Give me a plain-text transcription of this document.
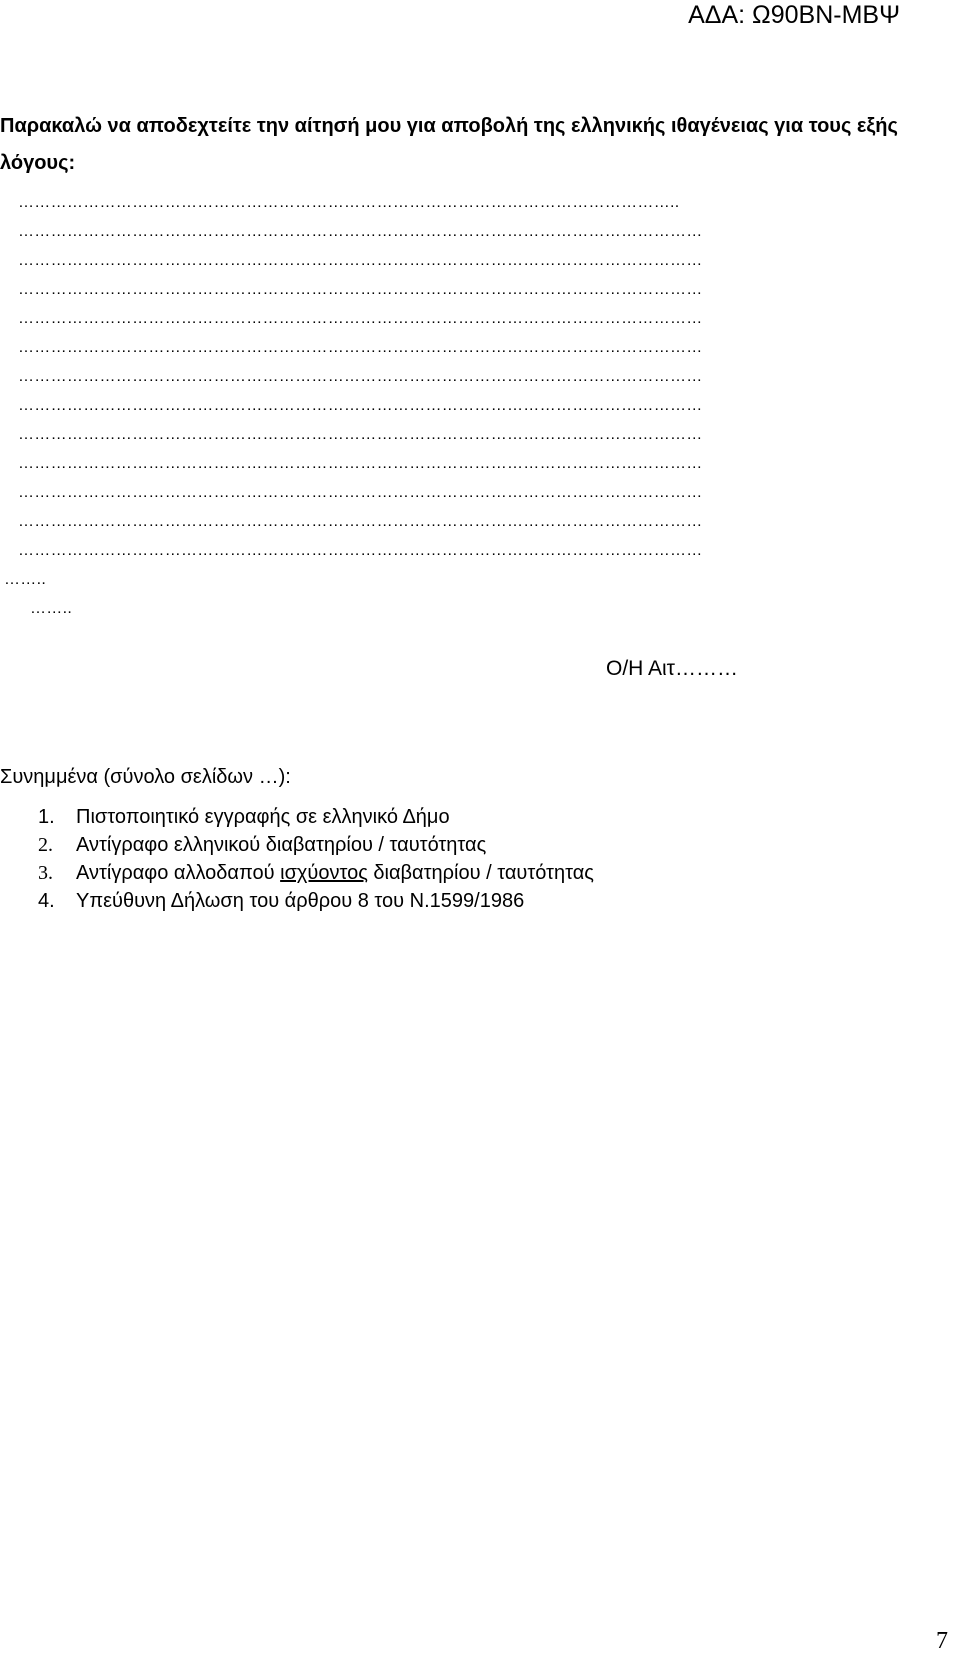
ΑΔΑ: Ω90ΒΝ-ΜΒΨ
Παρακαλώ να αποδεχτείτε την αίτησή μου για αποβολή της ελληνικής ιθαγένειας για τους εξής λόγους:
…………………………………………………………………………………………………………..
………………………………………………………………………………………………………………
………………………………………………………………………………………………………………
………………………………………………………………………………………………………………
………………………………………………………………………………………………………………
………………………………………………………………………………………………………………
………………………………………………………………………………………………………………
………………………………………………………………………………………………………………
………………………………………………………………………………………………………………
………………………………………………………………………………………………………………
………………………………………………………………………………………………………………
………………………………………………………………………………………………………………
………………………………………………………………………………………………………………
……..
……..
Ο/Η Αιτ………
Συνημμένα (σύνολο σελίδων …):
1. Πιστοποιητικό εγγραφής σε ελληνικό Δήμο
2. Αντίγραφο ελληνικού διαβατηρίου / ταυτότητας
3. Αντίγραφο αλλοδαπού ισχύοντος διαβατηρίου / ταυτότητας
4. Υπεύθυνη Δήλωση του άρθρου 8 του Ν.1599/1986
7
